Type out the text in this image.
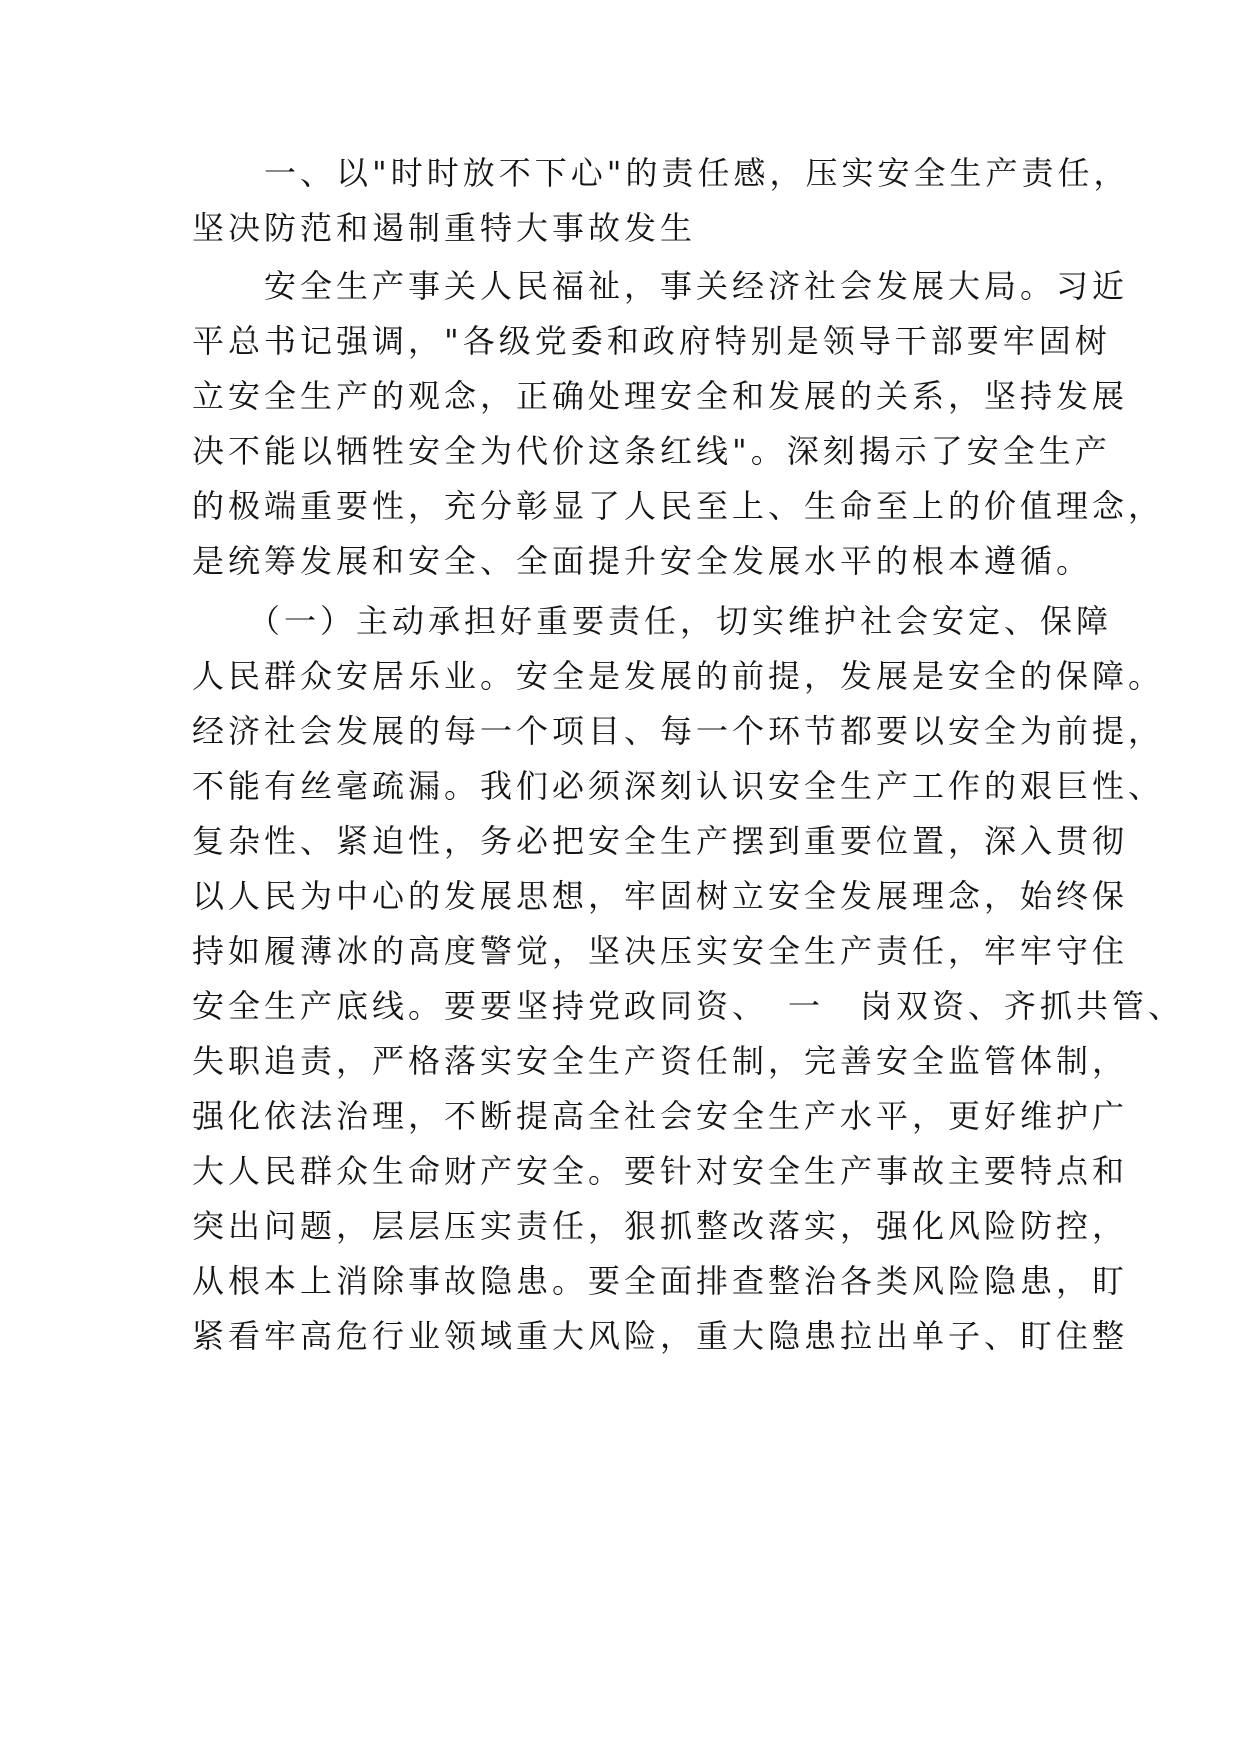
　　一、以"时时放不下心"的责任感，压实安全生产责任，
坚决防范和遏制重特大事故发生
　　安全生产事关人民福祉，事关经济社会发展大局。习近
平总书记强调，"各级党委和政府特别是领导干部要牢固树
立安全生产的观念，正确处理安全和发展的关系，坚持发展
决不能以牺牲安全为代价这条红线"。深刻揭示了安全生产
的极端重要性，充分彰显了人民至上、生命至上的价值理念，
是统筹发展和安全、全面提升安全发展水平的根本遵循。
　　（一）主动承担好重要责任，切实维护社会安定、保障
人民群众安居乐业。安全是发展的前提，发展是安全的保障。
经济社会发展的每一个项目、每一个环节都要以安全为前提，
不能有丝毫疏漏。我们必须深刻认识安全生产工作的艰巨性、
复杂性、紧迫性，务必把安全生产摆到重要位置，深入贯彻
以人民为中心的发展思想，牢固树立安全发展理念，始终保
持如履薄冰的高度警觉，坚决压实安全生产责任，牢牢守住
安全生产底线。要要坚持党政同资、　一　岗双资、齐抓共管、
失职追责，严格落实安全生产资任制，完善安全监管体制，
强化依法治理，不断提高全社会安全生产水平，更好维护广
大人民群众生命财产安全。要针对安全生产事故主要特点和
突出问题，层层压实责任，狠抓整改落实，强化风险防控，
从根本上消除事故隐患。要全面排查整治各类风险隐患，盯
紧看牢高危行业领域重大风险，重大隐患拉出单子、盯住整
